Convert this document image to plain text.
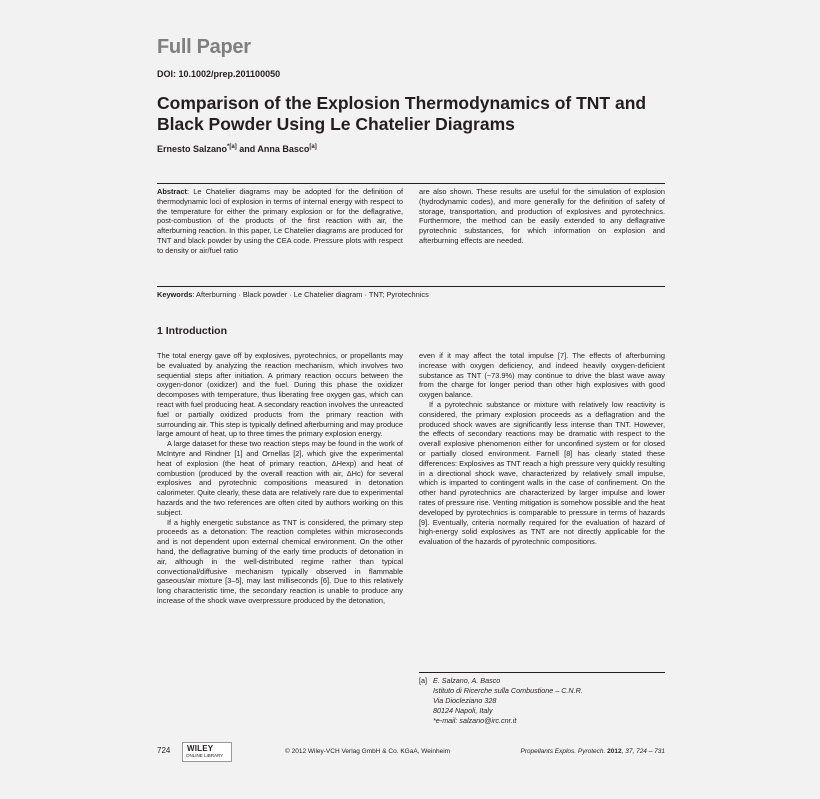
Full Paper
DOI: 10.1002/prep.201100050
Comparison of the Explosion Thermodynamics of TNT and Black Powder Using Le Chatelier Diagrams
Ernesto Salzano$^{*[a]}$ and Anna Basco[a]

Abstract: Le Chatelier diagrams may be adopted for the definition of thermodynamic loci of explosion in terms of internal energy with respect to the temperature for either the primary explosion or for the deflagrative, post-combustion of the products of the first reaction with air, the afterburning reaction. In this paper, Le Chatelier diagrams are produced for TNT and black powder by using the CEA code. Pressure plots with respect to density or air/fuel ratio

are also shown. These results are useful for the simulation of explosion (hydrodynamic codes), and more generally for the definition of safety of storage, transportation, and production of explosives and pyrotechnics. Furthermore, the method can be easily extended to any deflagrative pyrotechnic substances, for which information on explosion and afterburning effects are needed.

Keywords: Afterburning · Black powder · Le Chatelier diagram · TNT; Pyrotechnics
1 Introduction

The total energy gave off by explosives, pyrotechnics, or propellants may be evaluated by analyzing the reaction mechanism, which involves two sequential steps after initiation. A primary reaction occurs between the oxygen-donor (oxidizer) and the fuel. During this phase the oxidizer decomposes with temperature, thus liberating free oxygen gas, which can react with fuel producing heat. A secondary reaction involves the unreacted fuel or partially oxidized products from the primary reaction with surrounding air. This step is typically defined afterburning and may produce large amount of heat, up to three times the primary explosion energy.

A large dataset for these two reaction steps may be found in the work of McIntyre and Rindner [1] and Ornellas [2], which give the experimental heat of explosion (the heat of primary reaction, ΔHexp) and heat of combustion (produced by the overall reaction with air, ΔHc) for several explosives and pyrotechnic compositions measured in detonation calorimeter. Quite clearly, these data are relatively rare due to experimental hazards and the two references are often cited by authors working on this subject.

If a highly energetic substance as TNT is considered, the primary step proceeds as a detonation: The reaction completes within microseconds and is not dependent upon external chemical environment. On the other hand, the deflagrative burning of the early time products of detonation in air, although in the well-distributed regime rather than typical convectional/diffusive mechanism typically observed in flammable gaseous/air mixture [3–5], may last milliseconds [6]. Due to this relatively long characteristic time, the secondary reaction is unable to produce any increase of the shock wave overpressure produced by the detonation,

even if it may affect the total impulse [7]. The effects of afterburning increase with oxygen deficiency, and indeed heavily oxygen-deficient substance as TNT (−73.9%) may continue to drive the blast wave away from the charge for longer period than other high explosives with good oxygen balance.

If a pyrotechnic substance or mixture with relatively low reactivity is considered, the primary explosion proceeds as a deflagration and the produced shock waves are significantly less intense than TNT. However, the effects of secondary reactions may be dramatic with respect to the overall explosive phenomenon either for unconfined system or for closed or partially closed environment. Farnell [8] has clearly stated these differences: Explosives as TNT reach a high pressure very quickly resulting in a directional shock wave, characterized by relatively small impulse, which is imparted to contingent walls in the case of confinement. On the other hand pyrotechnics are characterized by larger impulse and lower rates of pressure rise. Venting mitigation is somehow possible and the heat developed by pyrotechnics is comparable to pressure in terms of hazards [9]. Eventually, criteria normally required for the evaluation of hazard of high-energy solid explosives as TNT are not directly applicable for the evaluation of the hazards of pyrotechnic compositions.

[a] E. Salzano, A. Basco
Istituto di Ricerche sulla Combustione – C.N.R.
Via Diocleziano 328
80124 Napoli, Italy
*e-mail: salzano@irc.cnr.it
724 WILEY
ONLINE LIBRARY
© 2012 Wiley-VCH Verlag GmbH & Co. KGaA, Weinheim	Propellants Explos. Pyrotech. 2012, 37, 724 – 731
